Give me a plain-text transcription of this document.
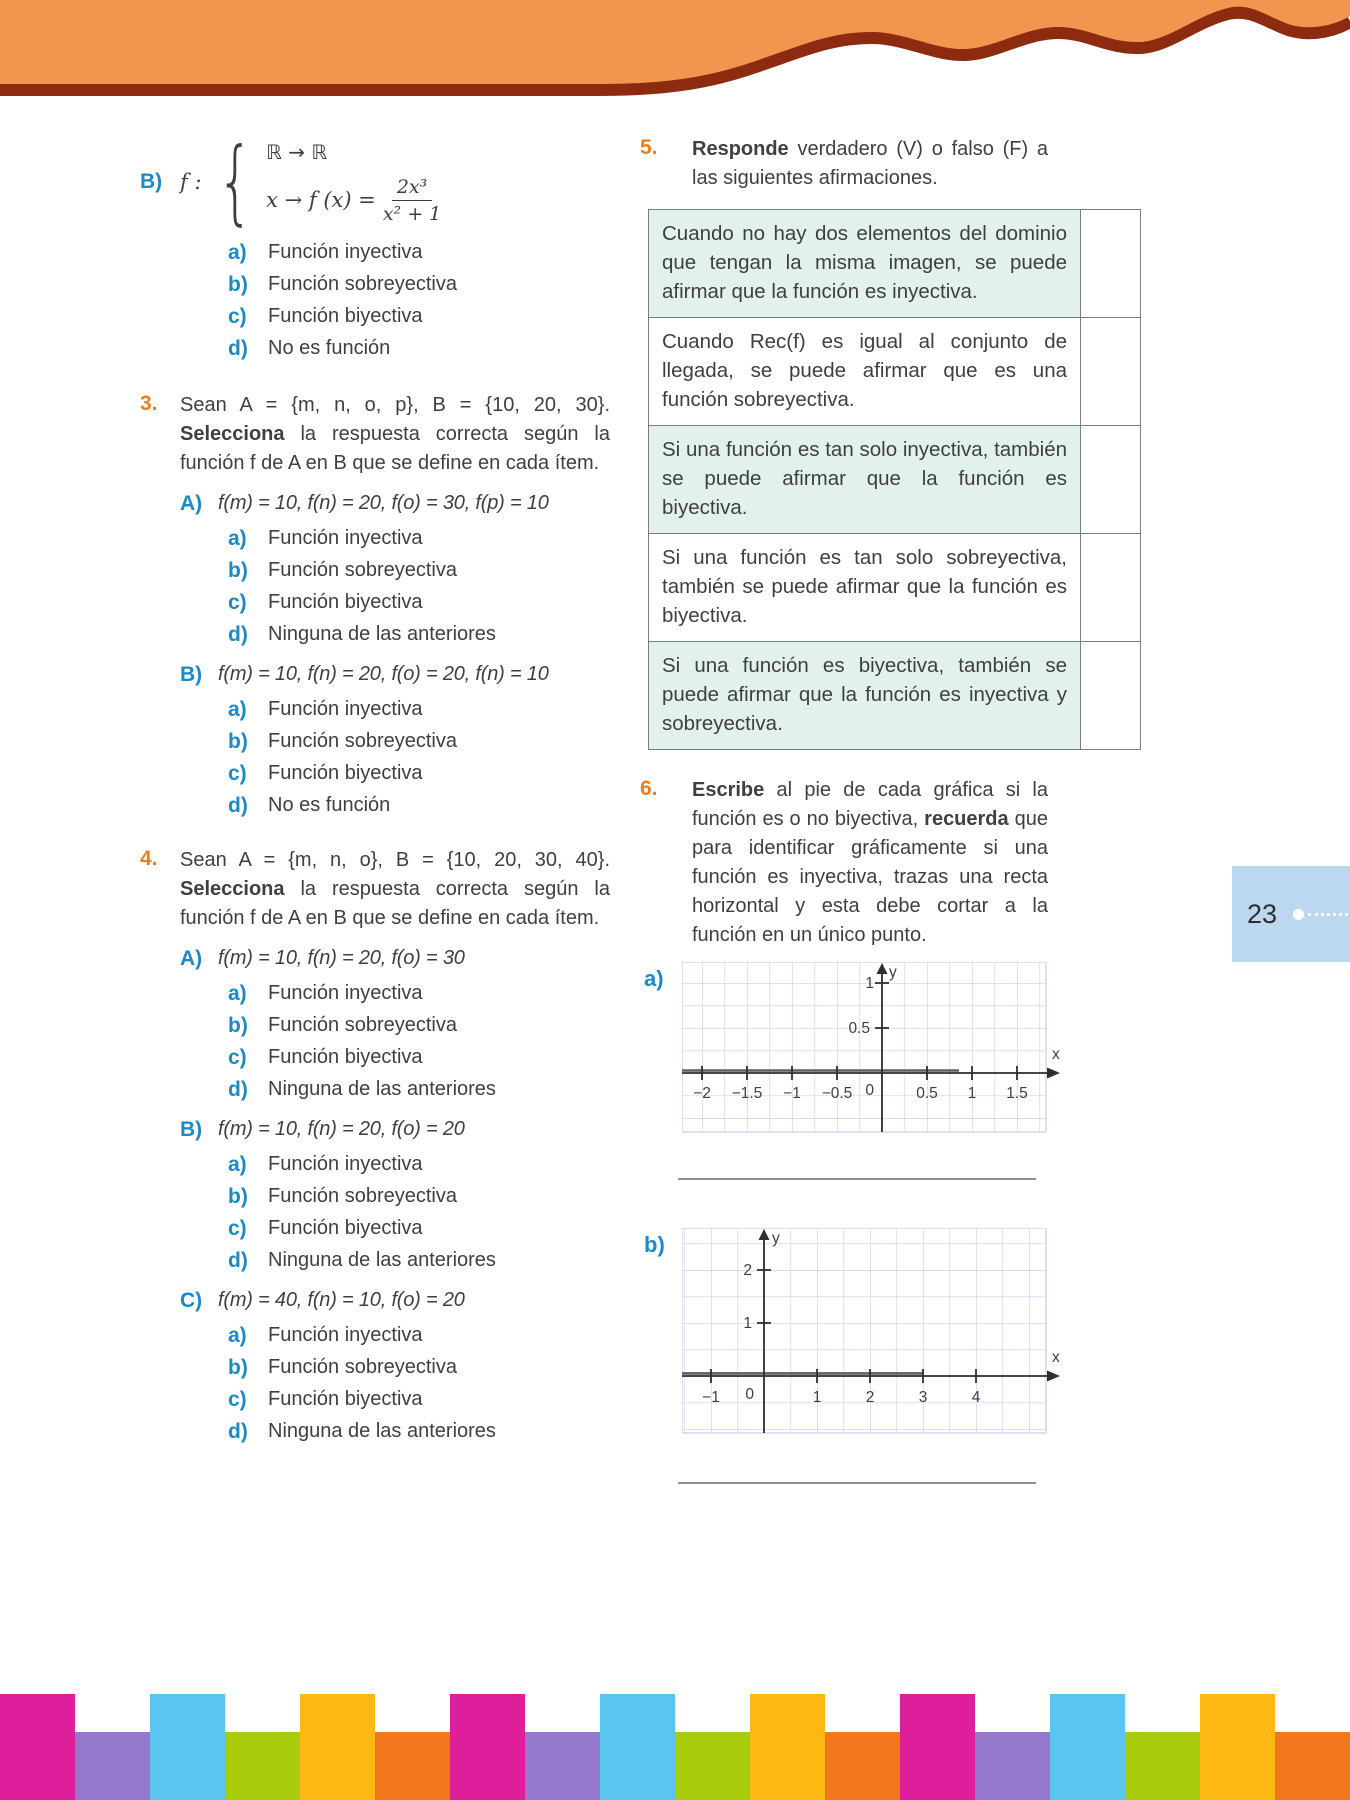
B) f : { ℝ → ℝ
x → f $(x) = \frac{\text{2x³}}{\text{x² + 1}}$
a)	Función inyectiva
b)	Función sobreyectiva
c)	Función biyectiva
d)	No es función
3.	Sean A = {m, n, o, p}, B = {10, 20, 30}. Selecciona la respuesta correcta según la función f de A en B que se define en cada ítem.

A) f(m) = 10, f(n) = 20, f(o) = 30, f(p) = 10
a)	Función inyectiva
b)	Función sobreyectiva
c)	Función biyectiva
d)	Ninguna de las anteriores
B) f(m) = 10, f(n) = 20, f(o) = 20, f(n) = 10
a)	Función inyectiva
b)	Función sobreyectiva
c)	Función biyectiva
d)	No es función
4.	Sean A = {m, n, o}, B = {10, 20, 30, 40}. Selecciona la respuesta correcta según la función f de A en B que se define en cada ítem.

A) f(m) = 10, f(n) = 20, f(o) = 30
a)	Función inyectiva
b)	Función sobreyectiva
c)	Función biyectiva
d)	Ninguna de las anteriores
B) f(m) = 10, f(n) = 20, f(o) = 20
a)	Función inyectiva
b)	Función sobreyectiva
c)	Función biyectiva
d)	Ninguna de las anteriores
C) f(m) = 40, f(n) = 10, f(o) = 20
a)	Función inyectiva
b)	Función sobreyectiva
c)	Función biyectiva
d)	Ninguna de las anteriores
5.	Responde verdadero (V) o falso (F) a las siguientes afirmaciones.

Cuando no hay dos elementos del dominio que tengan la misma imagen, se puede afirmar que la función es inyectiva.	
Cuando Rec(f) es igual al conjunto de llegada, se puede afirmar que es una función sobreyectiva.	
Si una función es tan solo inyectiva, también se puede afirmar que la función es biyectiva.	
Si una función es tan solo sobreyectiva, también se puede afirmar que la función es biyectiva.	
Si una función es biyectiva, también se puede afirmar que la función es inyectiva y sobreyectiva.	
6.	Escribe al pie de cada gráfica si la función es o no biyectiva, recuerda que para identificar gráficamente si una función es inyectiva, trazas una recta horizontal y esta debe cortar a la función en un único punto.

a)
−2 −1.5 −1 −0.5 0	0.5 1 1.5
0.5
1
x
y
b)
−1 0	1	2	3	4
1
2
x
y
23
